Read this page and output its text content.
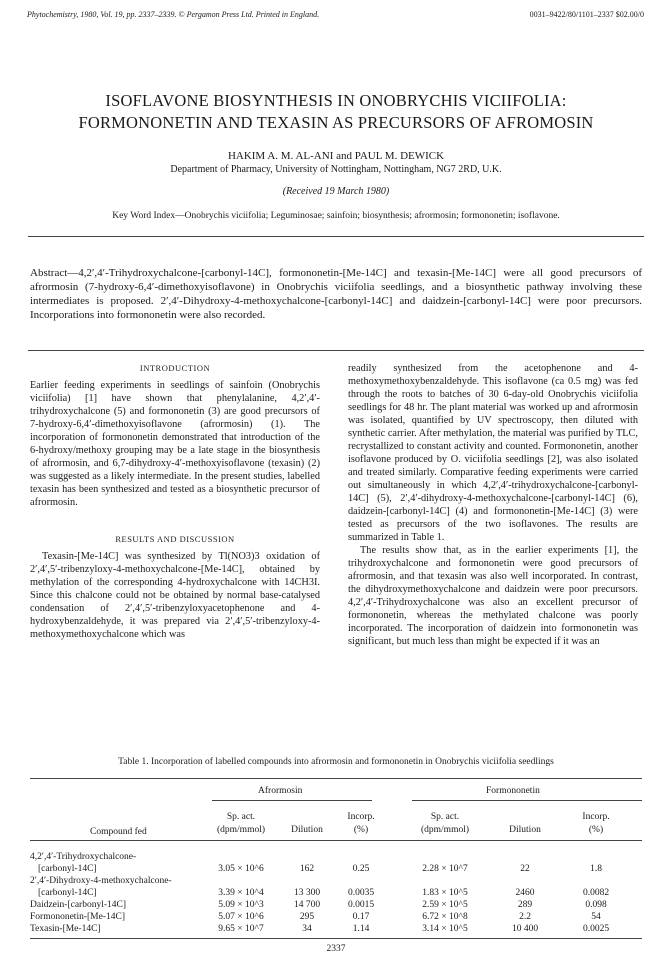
Phytochemistry, 1980, Vol. 19, pp. 2337–2339. © Pergamon Press Ltd. Printed in England.	0031–9422/80/1101–2337 $02.00/0
ISOFLAVONE BIOSYNTHESIS IN ONOBRYCHIS VICIIFOLIA:
FORMONONETIN AND TEXASIN AS PRECURSORS OF AFROMOSIN
HAKIM A. M. AL-ANI and PAUL M. DEWICK
Department of Pharmacy, University of Nottingham, Nottingham, NG7 2RD, U.K.
(Received 19 March 1980)
Key Word Index—Onobrychis viciifolia; Leguminosae; sainfoin; biosynthesis; afrormosin; formononetin; isoflavone.
Abstract—4,2′,4′-Trihydroxychalcone-[carbonyl-14C], formononetin-[Me-14C] and texasin-[Me-14C] were all good precursors of afrormosin (7-hydroxy-6,4′-dimethoxyisoflavone) in Onobrychis viciifolia seedlings, and a biosynthetic pathway involving these intermediates is proposed. 2′,4′-Dihydroxy-4-methoxychalcone-[carbonyl-14C] and daidzein-[carbonyl-14C] were poor precursors. Incorporations into formononetin were also recorded.
INTRODUCTION

Earlier feeding experiments in seedlings of sainfoin (Onobrychis viciifolia) [1] have shown that phenylalanine, 4,2′,4′-trihydroxychalcone (5) and formononetin (3) are good precursors of 7-hydroxy-6,4′-dimethoxyisoflavone (afrormosin) (1). The incorporation of formononetin demonstrated that introduction of the 6-hydroxy/methoxy grouping may be a late stage in the biosynthesis of afrormosin, and 6,7-dihydroxy-4′-methoxyisoflavone (texasin) (2) was suggested as a likely intermediate. In the present studies, labelled texasin has been synthesized and tested as a biosynthetic precursor of afrormosin.

RESULTS AND DISCUSSION

Texasin-[Me-14C] was synthesized by Tl(NO3)3 oxidation of 2′,4′,5′-tribenzyloxy-4-methoxychalcone-[Me-14C], obtained by methylation of the corresponding 4-hydroxychalcone with 14CH3I. Since this chalcone could not be obtained by normal base-catalysed condensation of 2′,4′,5′-tribenzyloxyacetophenone and 4-hydroxybenzaldehyde, it was prepared via 2′,4′,5′-tribenzyloxy-4-methoxymethoxychalcone which was

readily synthesized from the acetophenone and 4-methoxymethoxybenzaldehyde. This isoflavone (ca 0.5 mg) was fed through the roots to batches of 30 6-day-old Onobrychis viciifolia seedlings for 48 hr. The plant material was worked up and afrormosin was isolated, quantified by UV spectroscopy, then diluted with synthetic carrier. After methylation, the material was purified by TLC, recrystallized to constant activity and counted. Formononetin, another isoflavone produced by O. viciifolia seedlings [2], was also isolated and treated similarly. Comparative feeding experiments were carried out simultaneously in which 4,2′,4′-trihydroxychalcone-[carbonyl-14C] (5), 2′,4′-dihydroxy-4-methoxychalcone-[carbonyl-14C] (6), daidzein-[carbonyl-14C] (4) and formononetin-[Me-14C] (3) were tested as precursors of the two isoflavones. The results are summarized in Table 1.

The results show that, as in the earlier experiments [1], the trihydroxychalcone and formononetin were good precursors of afrormosin, and that texasin was also well incorporated. In contrast, the dihydroxymethoxychalcone and daidzein were poor precursors. 4,2′,4′-Trihydroxychalcone was also an excellent precursor of formononetin, whereas the methylated chalcone was poorly incorporated. The incorporation of daidzein into formononetin was significant, but much less than might be expected if it was an

Table 1. Incorporation of labelled compounds into afrormosin and formononetin in Onobrychis viciifolia seedlings
Afrormosin	Formononetin
Compound fed
Sp. act.
(dpm/mmol)	Dilution
Incorp.
(%)
Sp. act.
(dpm/mmol)	Dilution
Incorp.
(%)
4,2′,4′-Trihydroxychalcone-
[carbonyl-14C]	3.05 × 10^6	162	0.25	2.28 × 10^7	22	1.8
2′,4′-Dihydroxy-4-methoxychalcone-
[carbonyl-14C]	3.39 × 10^4	13 300	0.0035	1.83 × 10^5	2460	0.0082
Daidzein-[carbonyl-14C]	5.09 × 10^3	14 700	0.0015	2.59 × 10^5	289	0.098
Formononetin-[Me-14C]	5.07 × 10^6	295	0.17	6.72 × 10^8	2.2	54
Texasin-[Me-14C]	9.65 × 10^7	34	1.14	3.14 × 10^5	10 400	0.0025
2337
